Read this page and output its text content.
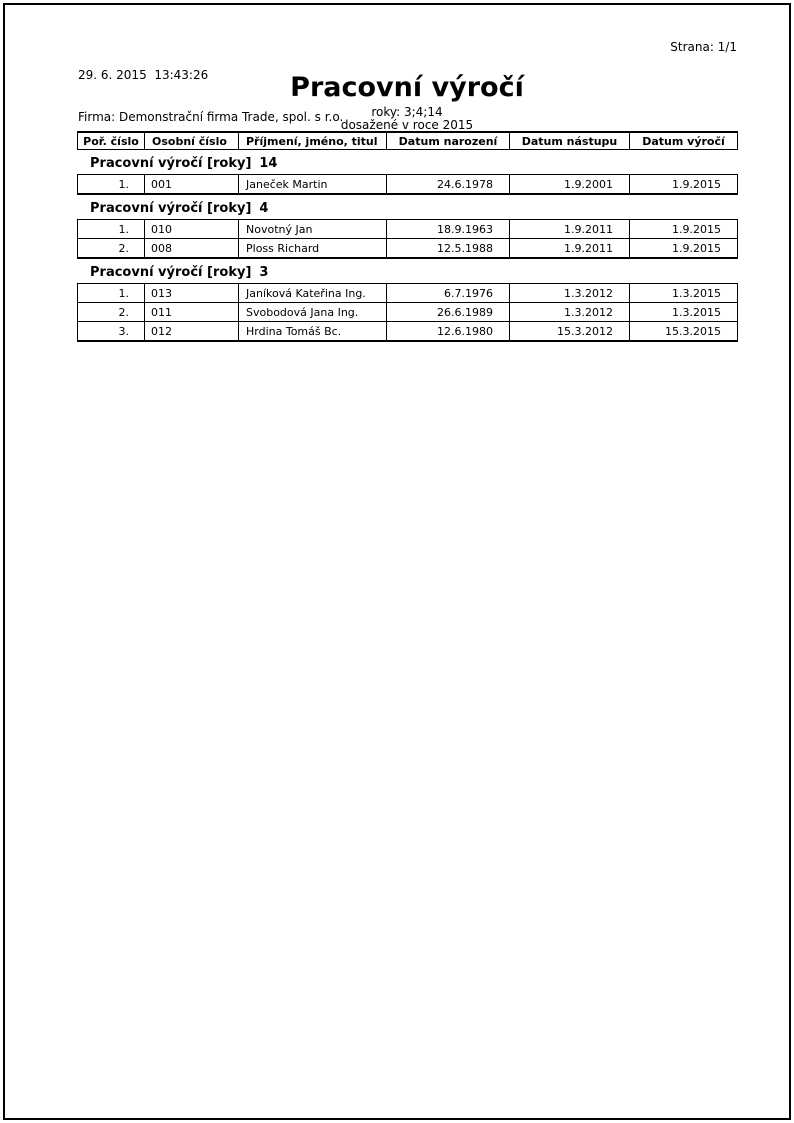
29. 6. 2015  13:43:26

Firma: Demonstrační firma Trade, spol. s r.o.

Strana: 1/1
Pracovní výročí
roky: 3;4;14
dosažené v roce 2015
Poř. číslo	Osobní číslo	Příjmení, jméno, titul	Datum narození	Datum nástupu	Datum výročí
Pracovní výročí [roky] 14
1.	001	Janeček Martin	24.6.1978	1.9.2001	1.9.2015
Pracovní výročí [roky] 4
1.	010	Novotný Jan	18.9.1963	1.9.2011	1.9.2015
2.	008	Ploss Richard	12.5.1988	1.9.2011	1.9.2015
Pracovní výročí [roky] 3
1.	013	Janíková Kateřina Ing.	6.7.1976	1.3.2012	1.3.2015
2.	011	Svobodová Jana Ing.	26.6.1989	1.3.2012	1.3.2015
3.	012	Hrdina Tomáš Bc.	12.6.1980	15.3.2012	15.3.2015
